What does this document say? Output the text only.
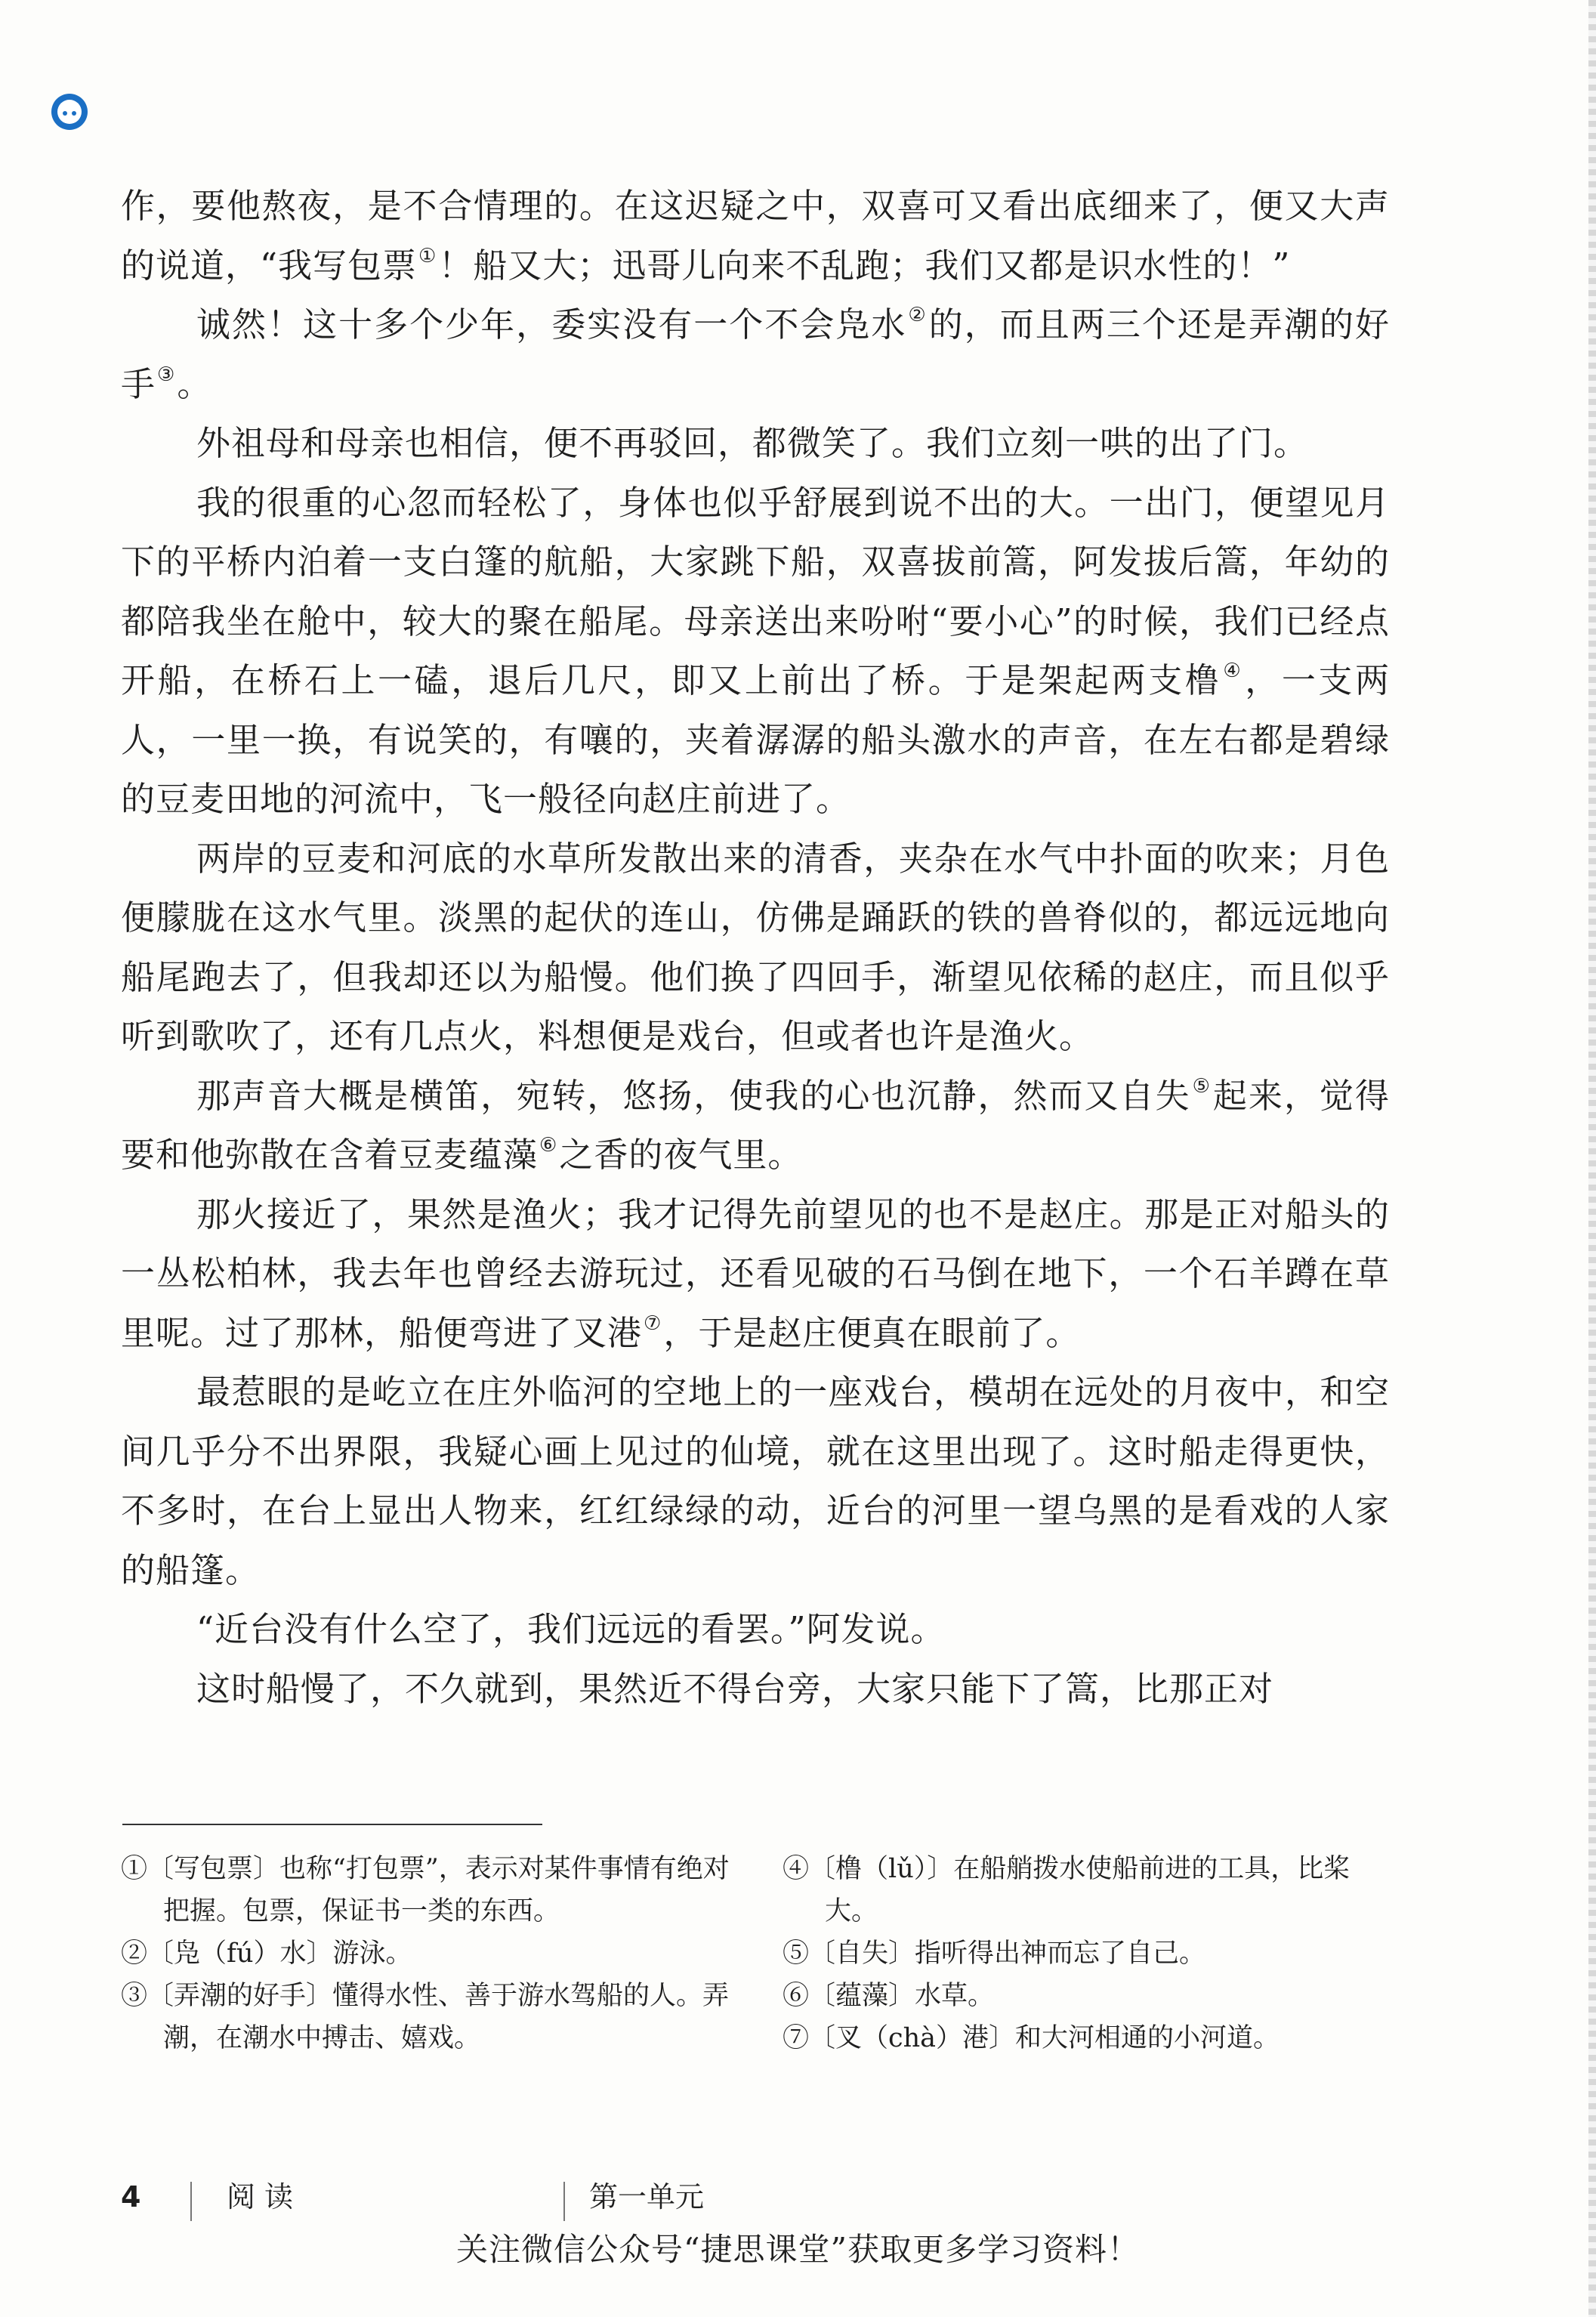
作，要他熬夜，是不合情理的。在这迟疑之中，双喜可又看出底细来了，便又大声的说道，“我写包票①！船又大；迅哥儿向来不乱跑；我们又都是识水性的！”

诚然！这十多个少年，委实没有一个不会凫水②的，而且两三个还是弄潮的好手③。

外祖母和母亲也相信，便不再驳回，都微笑了。我们立刻一哄的出了门。

我的很重的心忽而轻松了，身体也似乎舒展到说不出的大。一出门，便望见月下的平桥内泊着一支白篷的航船，大家跳下船，双喜拔前篙，阿发拔后篙，年幼的都陪我坐在舱中，较大的聚在船尾。母亲送出来吩咐“要小心”的时候，我们已经点开船，在桥石上一磕，退后几尺，即又上前出了桥。于是架起两支橹④，一支两人，一里一换，有说笑的，有嚷的，夹着潺潺的船头激水的声音，在左右都是碧绿的豆麦田地的河流中，飞一般径向赵庄前进了。

两岸的豆麦和河底的水草所发散出来的清香，夹杂在水气中扑面的吹来；月色便朦胧在这水气里。淡黑的起伏的连山，仿佛是踊跃的铁的兽脊似的，都远远地向船尾跑去了，但我却还以为船慢。他们换了四回手，渐望见依稀的赵庄，而且似乎听到歌吹了，还有几点火，料想便是戏台，但或者也许是渔火。

那声音大概是横笛，宛转，悠扬，使我的心也沉静，然而又自失⑤起来，觉得要和他弥散在含着豆麦蕴藻⑥之香的夜气里。

那火接近了，果然是渔火；我才记得先前望见的也不是赵庄。那是正对船头的一丛松柏林，我去年也曾经去游玩过，还看见破的石马倒在地下，一个石羊蹲在草里呢。过了那林，船便弯进了叉港⑦，于是赵庄便真在眼前了。

最惹眼的是屹立在庄外临河的空地上的一座戏台，模胡在远处的月夜中，和空间几乎分不出界限，我疑心画上见过的仙境，就在这里出现了。这时船走得更快，不多时，在台上显出人物来，红红绿绿的动，近台的河里一望乌黑的是看戏的人家的船篷。

“近台没有什么空了，我们远远的看罢。”阿发说。

这时船慢了，不久就到，果然近不得台旁，大家只能下了篙，比那正对

①〔写包票〕也称“打包票”，表示对某件事情有绝对把握。包票，保证书一类的东西。

②〔凫（fú）水〕游泳。

③〔弄潮的好手〕懂得水性、善于游水驾船的人。弄潮，在潮水中搏击、嬉戏。

④〔橹（lǔ）〕在船艄拨水使船前进的工具，比桨大。

⑤〔自失〕指听得出神而忘了自己。

⑥〔蕴藻〕水草。

⑦〔叉（chà）港〕和大河相通的小河道。

4	阅读	第一单元
关注微信公众号“捷思课堂”获取更多学习资料！
